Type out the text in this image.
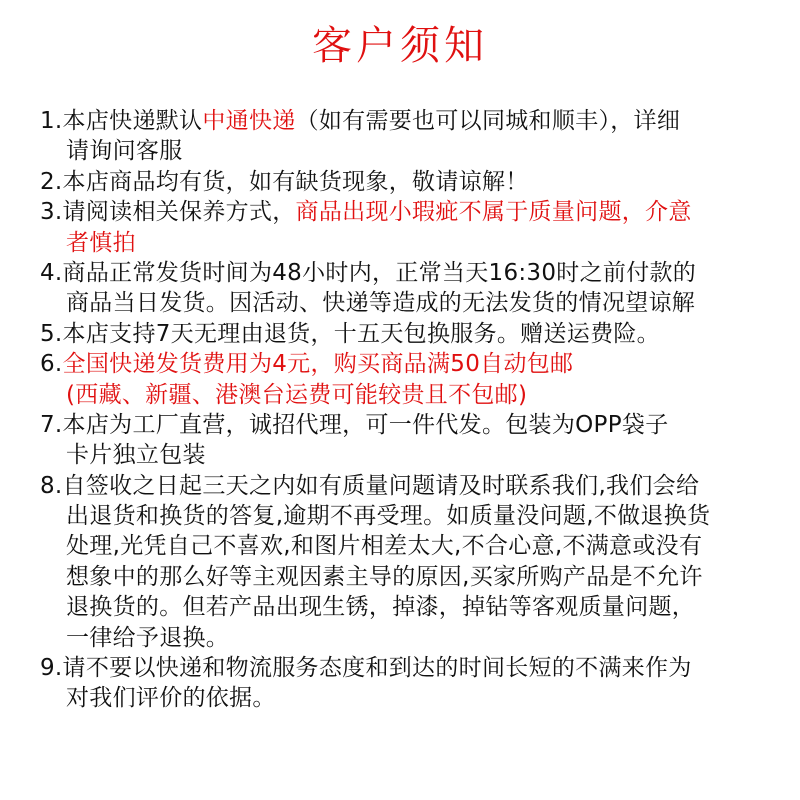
客户须知
1.本店快递默认中通快递（如有需要也可以同城和顺丰），详细
请询问客服
2.本店商品均有货，如有缺货现象，敬请谅解！
3.请阅读相关保养方式，商品出现小瑕疵不属于质量问题，介意
者慎拍
4.商品正常发货时间为48小时内，正常当天16:30时之前付款的
商品当日发货。因活动、快递等造成的无法发货的情况望谅解
5.本店支持7天无理由退货，十五天包换服务。赠送运费险。
6.全国快递发货费用为4元，购买商品满50自动包邮
(西藏、新疆、港澳台运费可能较贵且不包邮)
7.本店为工厂直营，诚招代理，可一件代发。包装为OPP袋子
卡片独立包装
8.自签收之日起三天之内如有质量问题请及时联系我们,我们会给
出退货和换货的答复,逾期不再受理。如质量没问题,不做退换货
处理,光凭自己不喜欢,和图片相差太大,不合心意,不满意或没有
想象中的那么好等主观因素主导的原因,买家所购产品是不允许
退换货的。但若产品出现生锈，掉漆，掉钻等客观质量问题，
一律给予退换。
9.请不要以快递和物流服务态度和到达的时间长短的不满来作为
对我们评价的依据。
